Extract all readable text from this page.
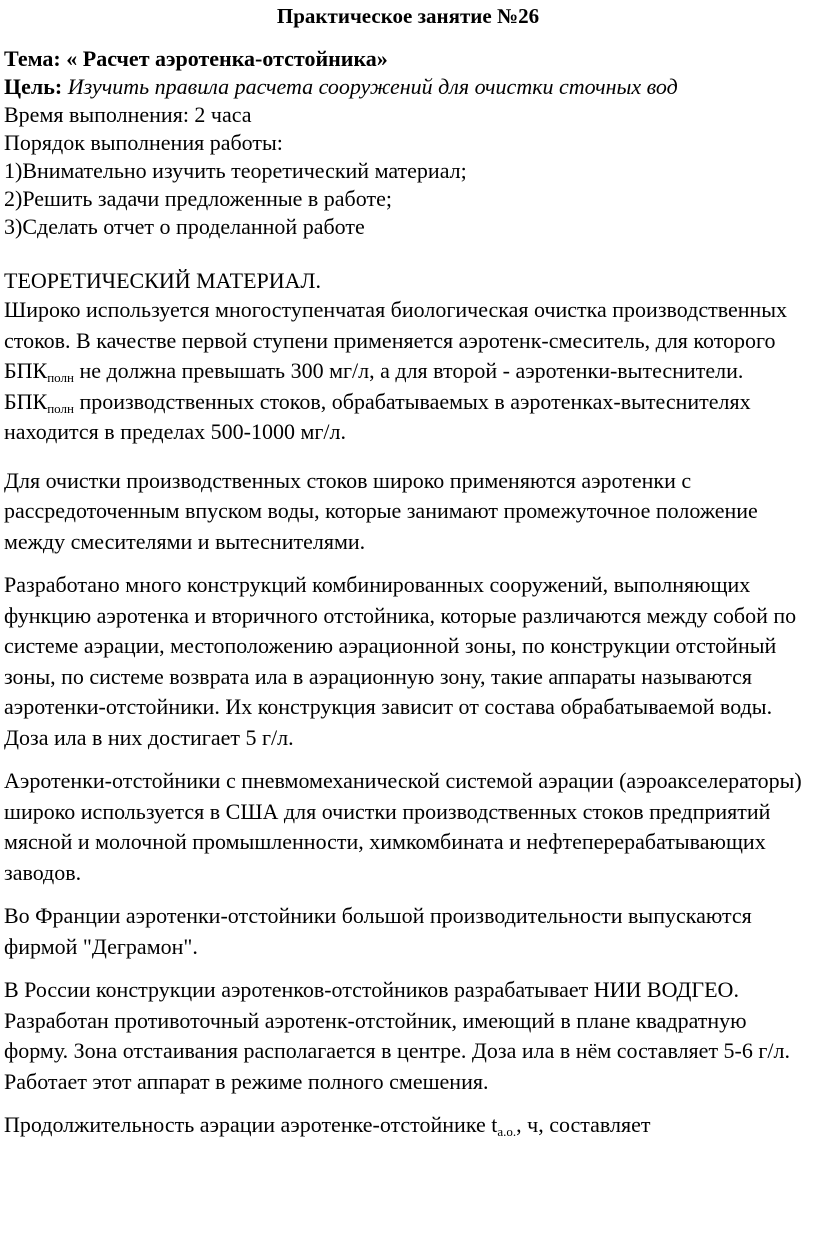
Практическое занятие №26
Тема: « Расчет аэротенка-отстойника»
Цель: Изучить правила расчета сооружений для очистки сточных вод
Время выполнения: 2 часа
Порядок выполнения работы:
1)Внимательно изучить теоретический материал;
2)Решить задачи предложенные в работе;
3)Сделать отчет о проделанной работе
ТЕОРЕТИЧЕСКИЙ МАТЕРИАЛ.
Широко используется многоступенчатая биологическая очистка производственных стоков. В качестве первой ступени применяется аэротенк-смеситель, для которого $БПК_{полн}$ не должна превышать 300 мг/л, а для второй - аэротенки-вытеснители. $БПК_{полн}$ производственных стоков, обрабатываемых в аэротенках-вытеснителях находится в пределах 500-1000 мг/л.
Для очистки производственных стоков широко применяются аэротенки с рассредоточенным впуском воды, которые занимают промежуточное положение между смесителями и вытеснителями.
Разработано много конструкций комбинированных сооружений, выполняющих функцию аэротенка и вторичного отстойника, которые различаются между собой по системе аэрации, местоположению аэрационной зоны, по конструкции отстойный зоны, по системе возврата ила в аэрационную зону, такие аппараты называются аэротенки-отстойники. Их конструкция зависит от состава обрабатываемой воды. Доза ила в них достигает 5 г/л.
Аэротенки-отстойники с пневмомеханической системой аэрации (аэроакселераторы) широко используется в США для очистки производственных стоков предприятий мясной и молочной промышленности, химкомбината и нефтеперерабатывающих заводов.
Во Франции аэротенки-отстойники большой производительности выпускаются фирмой "Деграмон".
В России конструкции аэротенков-отстойников разрабатывает НИИ ВОДГЕО. Разработан противоточный аэротенк-отстойник, имеющий в плане квадратную форму. Зона отстаивания располагается в центре. Доза ила в нём составляет 5-6 г/л. Работает этот аппарат в режиме полного смешения.
Продолжительность аэрации аэротенке-отстойнике $t_{а.о.}$, ч, составляет
